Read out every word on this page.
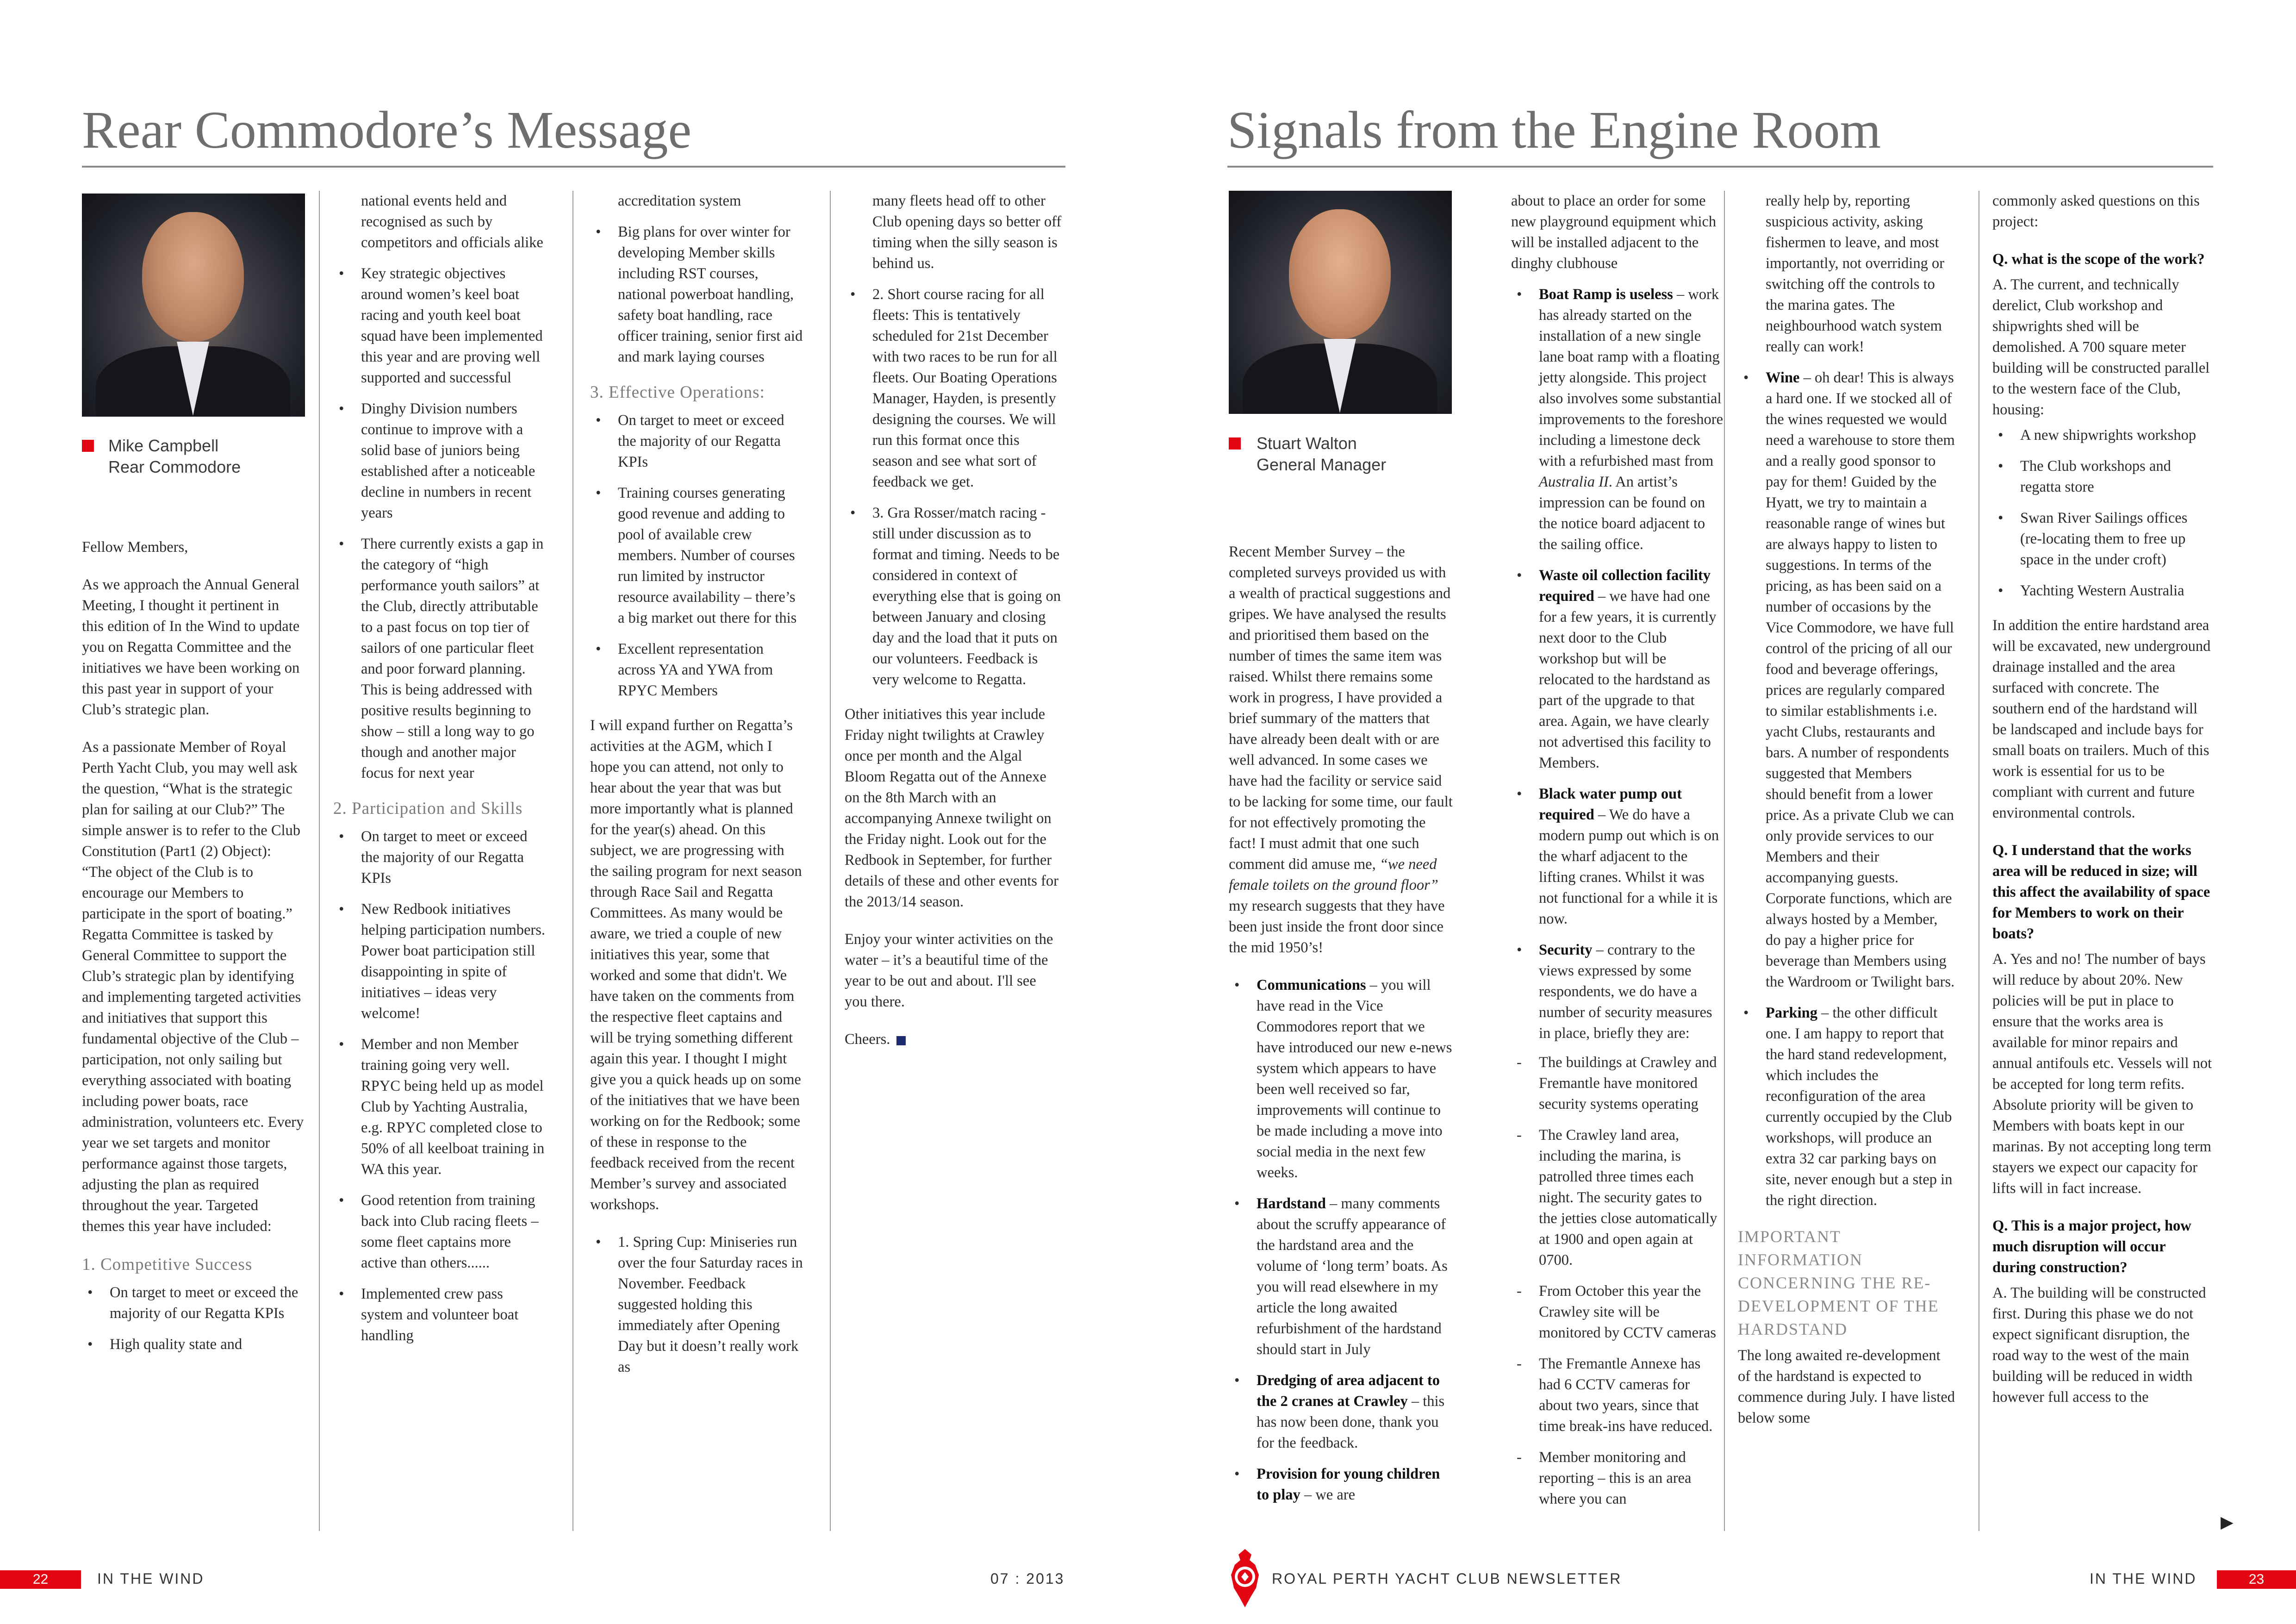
Rear Commodore’s Message
Mike Campbell
Rear Commodore

Fellow Members,

As we approach the Annual General Meeting, I thought it pertinent in this edition of In the Wind to update you on Regatta Committee and the initiatives we have been working on this past year in support of your Club’s strategic plan.

As a passionate Member of Royal Perth Yacht Club, you may well ask the question, “What is the strategic plan for sailing at our Club?” The simple answer is to refer to the Club Constitution (Part1 (2) Object): “The object of the Club is to encourage our Members to participate in the sport of boating.” Regatta Committee is tasked by General Committee to support the Club’s strategic plan by identifying and implementing targeted activities and initiatives that support this fundamental objective of the Club – participation, not only sailing but everything associated with boating including power boats, race administration, volunteers etc. Every year we set targets and monitor performance against those targets, adjusting the plan as required throughout the year. Targeted themes this year have included:

1. Competitive Success
• On target to meet or exceed the majority of our Regatta KPIs
• High quality state and
national events held and recognised as such by competitors and officials alike
• Key strategic objectives around women’s keel boat racing and youth keel boat squad have been implemented this year and are proving well supported and successful
• Dinghy Division numbers continue to improve with a solid base of juniors being established after a noticeable decline in numbers in recent years
• There currently exists a gap in the category of “high performance youth sailors” at the Club, directly attributable to a past focus on top tier of sailors of one particular fleet and poor forward planning. This is being addressed with positive results beginning to show – still a long way to go though and another major focus for next year
2. Participation and Skills
• On target to meet or exceed the majority of our Regatta KPIs
• New Redbook initiatives helping participation numbers. Power boat participation still disappointing in spite of initiatives – ideas very welcome!
• Member and non Member training going very well. RPYC being held up as model Club by Yachting Australia, e.g. RPYC completed close to 50% of all keelboat training in WA this year.
• Good retention from training back into Club racing fleets – some fleet captains more active than others......
• Implemented crew pass system and volunteer boat handling
accreditation system
• Big plans for over winter for developing Member skills including RST courses, national powerboat handling, safety boat handling, race officer training, senior first aid and mark laying courses
3. Effective Operations:
• On target to meet or exceed the majority of our Regatta KPIs
• Training courses generating good revenue and adding to pool of available crew members. Number of courses run limited by instructor resource availability – there’s a big market out there for this
• Excellent representation across YA and YWA from RPYC Members

I will expand further on Regatta’s activities at the AGM, which I hope you can attend, not only to hear about the year that was but more importantly what is planned for the year(s) ahead. On this subject, we are progressing with the sailing program for next season through Race Sail and Regatta Committees. As many would be aware, we tried a couple of new initiatives this year, some that worked and some that didn't. We have taken on the comments from the respective fleet captains and will be trying something different again this year. I thought I might give you a quick heads up on some of the initiatives that we have been working on for the Redbook; some of these in response to the feedback received from the recent Member’s survey and associated workshops.

• 1. Spring Cup: Miniseries run over the four Saturday races in November. Feedback suggested holding this immediately after Opening Day but it doesn’t really work as
many fleets head off to other Club opening days so better off timing when the silly season is behind us.
• 2. Short course racing for all fleets: This is tentatively scheduled for 21st December with two races to be run for all fleets. Our Boating Operations Manager, Hayden, is presently designing the courses. We will run this format once this season and see what sort of feedback we get.
• 3. Gra Rosser/match racing - still under discussion as to format and timing. Needs to be considered in context of everything else that is going on between January and closing day and the load that it puts on our volunteers. Feedback is very welcome to Regatta.

Other initiatives this year include Friday night twilights at Crawley once per month and the Algal Bloom Regatta out of the Annexe on the 8th March with an accompanying Annexe twilight on the Friday night. Look out for the Redbook in September, for further details of these and other events for the 2013/14 season.

Enjoy your winter activities on the water – it’s a beautiful time of the year to be out and about. I'll see you there.

Cheers.

22	IN THE WIND	07 : 2013
Signals from the Engine Room
Stuart Walton
General Manager

Recent Member Survey – the completed surveys provided us with a wealth of practical suggestions and gripes. We have analysed the results and prioritised them based on the number of times the same item was raised. Whilst there remains some work in progress, I have provided a brief summary of the matters that have already been dealt with or are well advanced. In some cases we have had the facility or service said to be lacking for some time, our fault for not effectively promoting the fact! I must admit that one such comment did amuse me, “we need female toilets on the ground floor” my research suggests that they have been just inside the front door since the mid 1950’s!

• Communications – you will have read in the Vice Commodores report that we have introduced our new e-news system which appears to have been well received so far, improvements will continue to be made including a move into social media in the next few weeks.
• Hardstand – many comments about the scruffy appearance of the hardstand area and the volume of ‘long term’ boats. As you will read elsewhere in my article the long awaited refurbishment of the hardstand should start in July
• Dredging of area adjacent to the 2 cranes at Crawley – this has now been done, thank you for the feedback.
• Provision for young children to play – we are
about to place an order for some new playground equipment which will be installed adjacent to the dinghy clubhouse
• Boat Ramp is useless – work has already started on the installation of a new single lane boat ramp with a floating jetty alongside. This project also involves some substantial improvements to the foreshore including a limestone deck with a refurbished mast from Australia II. An artist’s impression can be found on the notice board adjacent to the sailing office.
• Waste oil collection facility required – we have had one for a few years, it is currently next door to the Club workshop but will be relocated to the hardstand as part of the upgrade to that area. Again, we have clearly not advertised this facility to Members.
• Black water pump out required – We do have a modern pump out which is on the wharf adjacent to the lifting cranes. Whilst it was not functional for a while it is now.
• Security – contrary to the views expressed by some respondents, we do have a number of security measures in place, briefly they are:
- The buildings at Crawley and Fremantle have monitored security systems operating
- The Crawley land area, including the marina, is patrolled three times each night. The security gates to the jetties close automatically at 1900 and open again at 0700.
- From October this year the Crawley site will be monitored by CCTV cameras
- The Fremantle Annexe has had 6 CCTV cameras for about two years, since that time break-ins have reduced.
- Member monitoring and reporting – this is an area where you can
really help by, reporting suspicious activity, asking fishermen to leave, and most importantly, not overriding or switching off the controls to the marina gates. The neighbourhood watch system really can work!
• Wine – oh dear! This is always a hard one. If we stocked all of the wines requested we would need a warehouse to store them and a really good sponsor to pay for them! Guided by the Hyatt, we try to maintain a reasonable range of wines but are always happy to listen to suggestions. In terms of the pricing, as has been said on a number of occasions by the Vice Commodore, we have full control of the pricing of all our food and beverage offerings, prices are regularly compared to similar establishments i.e. yacht Clubs, restaurants and bars. A number of respondents suggested that Members should benefit from a lower price. As a private Club we can only provide services to our Members and their accompanying guests. Corporate functions, which are always hosted by a Member, do pay a higher price for beverage than Members using the Wardroom or Twilight bars.
• Parking – the other difficult one. I am happy to report that the hard stand redevelopment, which includes the reconfiguration of the area currently occupied by the Club workshops, will produce an extra 32 car parking bays on site, never enough but a step in the right direction.
IMPORTANT INFORMATION CONCERNING THE RE-DEVELOPMENT OF THE HARDSTAND

The long awaited re-development of the hardstand is expected to commence during July. I have listed below some

commonly asked questions on this project:

Q. what is the scope of the work?

A. The current, and technically derelict, Club workshop and shipwrights shed will be demolished. A 700 square meter building will be constructed parallel to the western face of the Club, housing:

• A new shipwrights workshop
• The Club workshops and regatta store
• Swan River Sailings offices (re-locating them to free up space in the under croft)
• Yachting Western Australia

In addition the entire hardstand area will be excavated, new underground drainage installed and the area surfaced with concrete. The southern end of the hardstand will be landscaped and include bays for small boats on trailers. Much of this work is essential for us to be compliant with current and future environmental controls.

Q. I understand that the works area will be reduced in size; will this affect the availability of space for Members to work on their boats?

A. Yes and no! The number of bays will reduce by about 20%. New policies will be put in place to ensure that the works area is available for minor repairs and annual antifouls etc. Vessels will not be accepted for long term refits. Absolute priority will be given to Members with boats kept in our marinas. By not accepting long term stayers we expect our capacity for lifts will in fact increase.

Q. This is a major project, how much disruption will occur during construction?

A. The building will be constructed first. During this phase we do not expect significant disruption, the road way to the west of the main building will be reduced in width however full access to the

▶
ROYAL PERTH YACHT CLUB NEWSLETTER	IN THE WIND	23
